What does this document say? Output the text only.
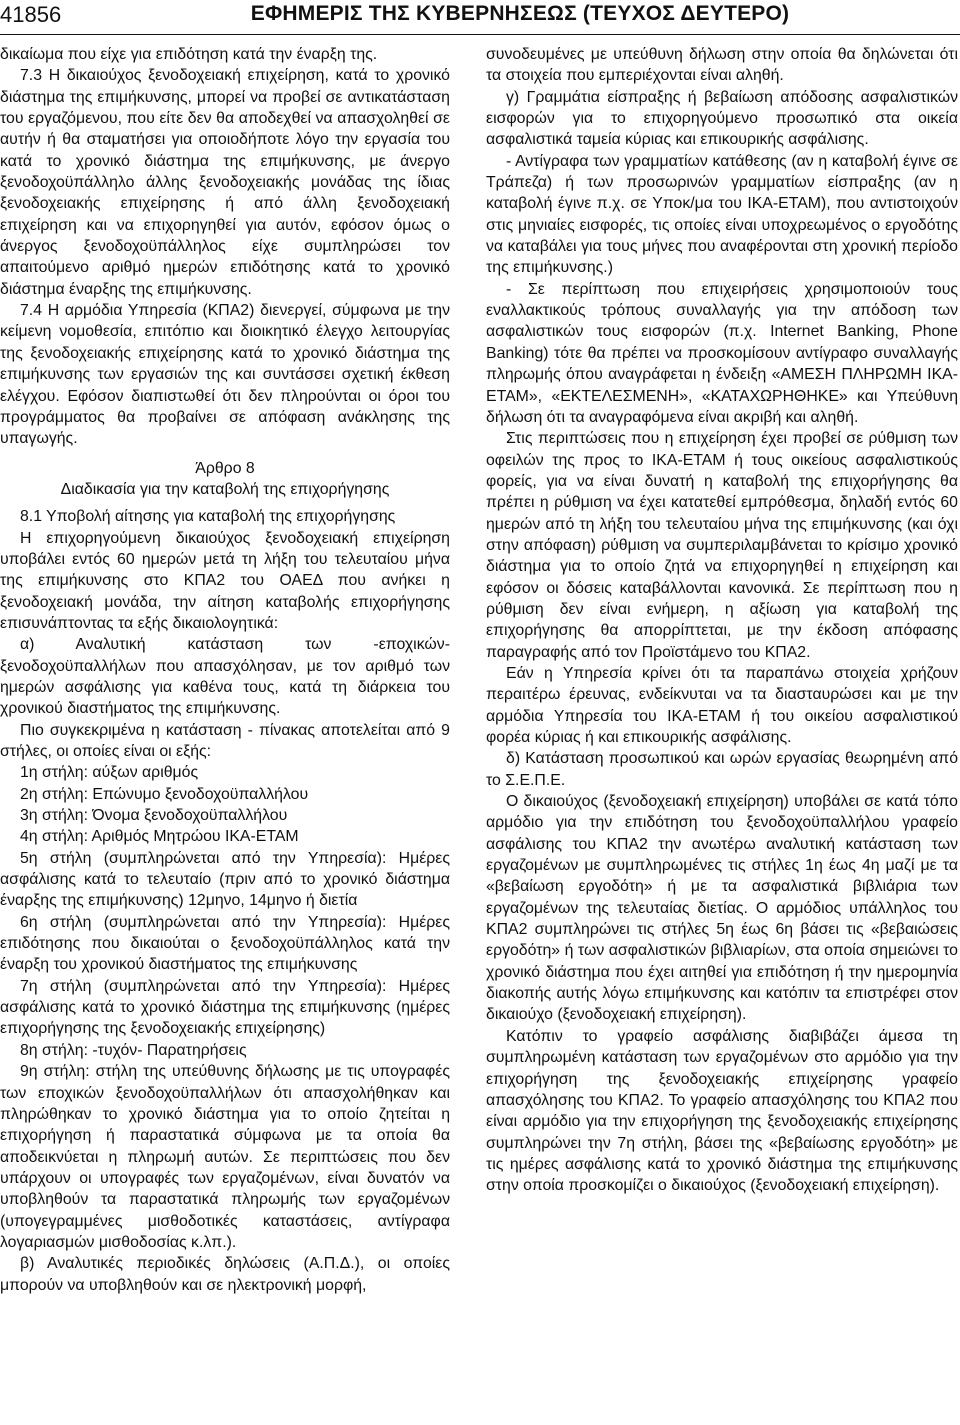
41856	ΕΦΗΜΕΡΙΣ ΤΗΣ ΚΥΒΕΡΝΗΣΕΩΣ (ΤΕΥΧΟΣ ΔΕΥΤΕΡΟ)

δικαίωμα που είχε για επιδότηση κατά την έναρξη της.

7.3 Η δικαιούχος ξενοδοχειακή επιχείρηση, κατά το χρονικό διάστημα της επιμήκυνσης, μπορεί να προβεί σε αντικατάσταση του εργαζόμενου, που είτε δεν θα αποδεχθεί να απασχοληθεί σε αυτήν ή θα σταματήσει για οποιοδήποτε λόγο την εργασία του κατά το χρονικό διάστημα της επιμήκυνσης, με άνεργο ξενοδοχοϋπάλληλο άλλης ξενοδοχειακής μονάδας της ίδιας ξενοδοχειακής επιχείρησης ή από άλλη ξενοδοχειακή επιχείρηση και να επιχορηγηθεί για αυτόν, εφόσον όμως ο άνεργος ξενοδοχοϋπάλληλος είχε συμπληρώσει τον απαιτούμενο αριθμό ημερών επιδότησης κατά το χρονικό διάστημα έναρξης της επιμήκυνσης.

7.4 Η αρμόδια Υπηρεσία (ΚΠΑ2) διενεργεί, σύμφωνα με την κείμενη νομοθεσία, επιτόπιο και διοικητικό έλεγχο λειτουργίας της ξενοδοχειακής επιχείρησης κατά το χρονικό διάστημα της επιμήκυνσης των εργασιών της και συντάσσει σχετική έκθεση ελέγχου. Εφόσον διαπιστωθεί ότι δεν πληρούνται οι όροι του προγράμματος θα προβαίνει σε απόφαση ανάκλησης της υπαγωγής.

Άρθρο 8

Διαδικασία για την καταβολή της επιχορήγησης

8.1 Υποβολή αίτησης για καταβολή της επιχορήγησης

Η επιχορηγούμενη δικαιούχος ξενοδοχειακή επιχείρηση υποβάλει εντός 60 ημερών μετά τη λήξη του τελευταίου μήνα της επιμήκυνσης στο ΚΠΑ2 του ΟΑΕΔ που ανήκει η ξενοδοχειακή μονάδα, την αίτηση καταβολής επιχορήγησης επισυνάπτοντας τα εξής δικαιολογητικά:

α) Αναλυτική κατάσταση των -εποχικών- ξενοδοχοϋπαλλήλων που απασχόλησαν, με τον αριθμό των ημερών ασφάλισης για καθένα τους, κατά τη διάρκεια του χρονικού διαστήματος της επιμήκυνσης.

Πιο συγκεκριμένα η κατάσταση - πίνακας αποτελείται από 9 στήλες, οι οποίες είναι οι εξής:

1η στήλη: αύξων αριθμός

2η στήλη: Επώνυμο ξενοδοχοϋπαλλήλου

3η στήλη: Όνομα ξενοδοχοϋπαλλήλου

4η στήλη: Αριθμός Μητρώου ΙΚΑ-ΕΤΑΜ

5η στήλη (συμπληρώνεται από την Υπηρεσία): Ημέρες ασφάλισης κατά το τελευταίο (πριν από το χρονικό διάστημα έναρξης της επιμήκυνσης) 12μηνο, 14μηνο ή διετία

6η στήλη (συμπληρώνεται από την Υπηρεσία): Ημέρες επιδότησης που δικαιούται ο ξενοδοχοϋπάλληλος κατά την έναρξη του χρονικού διαστήματος της επιμήκυνσης

7η στήλη (συμπληρώνεται από την Υπηρεσία): Ημέρες ασφάλισης κατά το χρονικό διάστημα της επιμήκυνσης (ημέρες επιχορήγησης της ξενοδοχειακής επιχείρησης)

8η στήλη: -τυχόν- Παρατηρήσεις

9η στήλη: στήλη της υπεύθυνης δήλωσης με τις υπογραφές των εποχικών ξενοδοχοϋπαλλήλων ότι απασχολήθηκαν και πληρώθηκαν το χρονικό διάστημα για το οποίο ζητείται η επιχορήγηση ή παραστατικά σύμφωνα με τα οποία θα αποδεικνύεται η πληρωμή αυτών. Σε περιπτώσεις που δεν υπάρχουν οι υπογραφές των εργαζομένων, είναι δυνατόν να υποβληθούν τα παραστατικά πληρωμής των εργαζομένων (υπογεγραμμένες μισθοδοτικές καταστάσεις, αντίγραφα λογαριασμών μισθοδοσίας κ.λπ.).

β) Αναλυτικές περιοδικές δηλώσεις (Α.Π.Δ.), οι οποίες μπορούν να υποβληθούν και σε ηλεκτρονική μορφή,

συνοδευμένες με υπεύθυνη δήλωση στην οποία θα δηλώνεται ότι τα στοιχεία που εμπεριέχονται είναι αληθή.

γ) Γραμμάτια είσπραξης ή βεβαίωση απόδοσης ασφαλιστικών εισφορών για το επιχορηγούμενο προσωπικό στα οικεία ασφαλιστικά ταμεία κύριας και επικουρικής ασφάλισης.

- Αντίγραφα των γραμματίων κατάθεσης (αν η καταβολή έγινε σε Τράπεζα) ή των προσωρινών γραμματίων είσπραξης (αν η καταβολή έγινε π.χ. σε Υποκ/μα του ΙΚΑ-ΕΤΑΜ), που αντιστοιχούν στις μηνιαίες εισφορές, τις οποίες είναι υποχρεωμένος ο εργοδότης να καταβάλει για τους μήνες που αναφέρονται στη χρονική περίοδο της επιμήκυνσης.)

- Σε περίπτωση που επιχειρήσεις χρησιμοποιούν τους εναλλακτικούς τρόπους συναλλαγής για την απόδοση των ασφαλιστικών τους εισφορών (π.χ. Internet Banking, Phone Banking) τότε θα πρέπει να προσκομίσουν αντίγραφο συναλλαγής πληρωμής όπου αναγράφεται η ένδειξη «ΑΜΕΣΗ ΠΛΗΡΩΜΗ ΙΚΑ-ΕΤΑΜ», «ΕΚΤΕΛΕΣΜΕΝΗ», «ΚΑΤΑΧΩΡΗΘΗΚΕ» και Υπεύθυνη δήλωση ότι τα αναγραφόμενα είναι ακριβή και αληθή.

Στις περιπτώσεις που η επιχείρηση έχει προβεί σε ρύθμιση των οφειλών της προς το ΙΚΑ-ΕΤΑΜ ή τους οικείους ασφαλιστικούς φορείς, για να είναι δυνατή η καταβολή της επιχορήγησης θα πρέπει η ρύθμιση να έχει κατατεθεί εμπρόθεσμα, δηλαδή εντός 60 ημερών από τη λήξη του τελευταίου μήνα της επιμήκυνσης (και όχι στην απόφαση) ρύθμιση να συμπεριλαμβάνεται το κρίσιμο χρονικό διάστημα για το οποίο ζητά να επιχορηγηθεί η επιχείρηση και εφόσον οι δόσεις καταβάλλονται κανονικά. Σε περίπτωση που η ρύθμιση δεν είναι ενήμερη, η αξίωση για καταβολή της επιχορήγησης θα απορρίπτεται, με την έκδοση απόφασης παραγραφής από τον Προϊστάμενο του ΚΠΑ2.

Εάν η Υπηρεσία κρίνει ότι τα παραπάνω στοιχεία χρήζουν περαιτέρω έρευνας, ενδείκνυται να τα διασταυρώσει και με την αρμόδια Υπηρεσία του ΙΚΑ-ΕΤΑΜ ή του οικείου ασφαλιστικού φορέα κύριας ή και επικουρικής ασφάλισης.

δ) Κατάσταση προσωπικού και ωρών εργασίας θεωρημένη από το Σ.Ε.Π.Ε.

Ο δικαιούχος (ξενοδοχειακή επιχείρηση) υποβάλει σε κατά τόπο αρμόδιο για την επιδότηση του ξενοδοχοϋπαλλήλου γραφείο ασφάλισης του ΚΠΑ2 την ανωτέρω αναλυτική κατάσταση των εργαζομένων με συμπληρωμένες τις στήλες 1η έως 4η μαζί με τα «βεβαίωση εργοδότη» ή με τα ασφαλιστικά βιβλιάρια των εργαζομένων της τελευταίας διετίας. Ο αρμόδιος υπάλληλος του ΚΠΑ2 συμπληρώνει τις στήλες 5η έως 6η βάσει τις «βεβαιώσεις εργοδότη» ή των ασφαλιστικών βιβλιαρίων, στα οποία σημειώνει το χρονικό διάστημα που έχει αιτηθεί για επιδότηση ή την ημερομηνία διακοπής αυτής λόγω επιμήκυνσης και κατόπιν τα επιστρέφει στον δικαιούχο (ξενοδοχειακή επιχείρηση).

Κατόπιν το γραφείο ασφάλισης διαβιβάζει άμεσα τη συμπληρωμένη κατάσταση των εργαζομένων στο αρμόδιο για την επιχορήγηση της ξενοδοχειακής επιχείρησης γραφείο απασχόλησης του ΚΠΑ2. Το γραφείο απασχόλησης του ΚΠΑ2 που είναι αρμόδιο για την επιχορήγηση της ξενοδοχειακής επιχείρησης συμπληρώνει την 7η στήλη, βάσει της «βεβαίωσης εργοδότη» με τις ημέρες ασφάλισης κατά το χρονικό διάστημα της επιμήκυνσης στην οποία προσκομίζει ο δικαιούχος (ξενοδοχειακή επιχείρηση).
